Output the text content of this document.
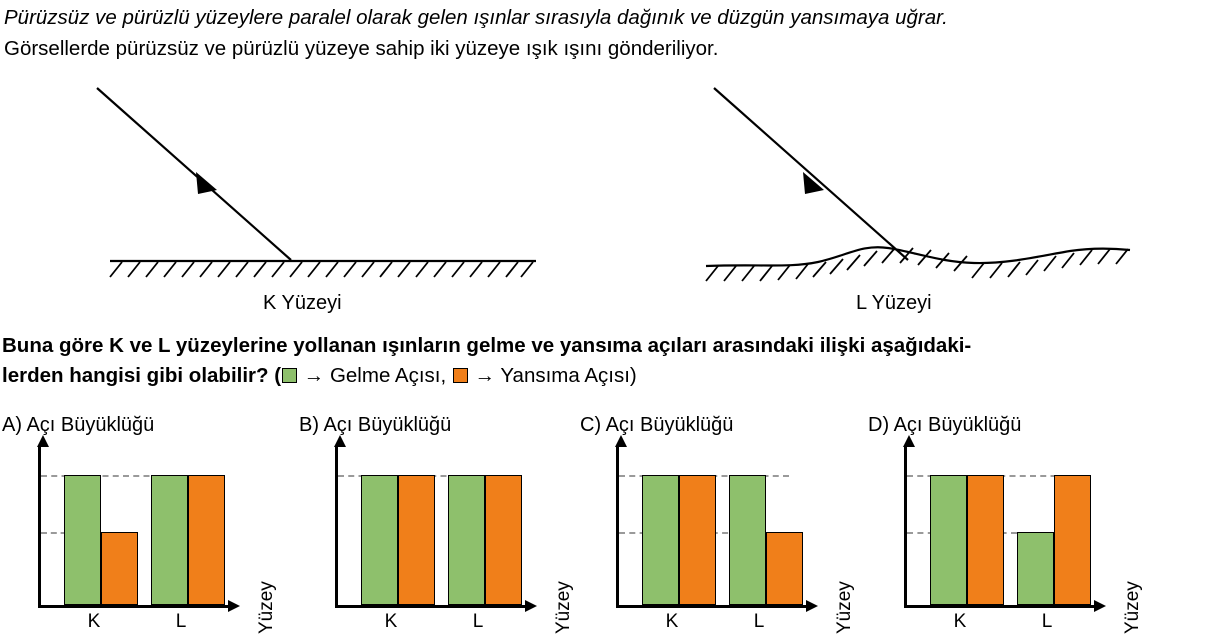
Pürüzsüz ve pürüzlü yüzeylere paralel olarak gelen ışınlar sırasıyla dağınık ve düzgün yansımaya uğrar.
Görsellerde pürüzsüz ve pürüzlü yüzeye sahip iki yüzeye ışık ışını gönderiliyor.
K Yüzeyi	L Yüzeyi
Buna göre K ve L yüzeylerine yollanan ışınların gelme ve yansıma açıları arasındaki ilişki aşağıdaki-
lerden hangisi gibi olabilir? ( → Gelme Açısı, → Yansıma Açısı)
A) Açı Büyüklüğü
K	L	Yüzey
B) Açı Büyüklüğü
K	L	Yüzey
C) Açı Büyüklüğü
K	L	Yüzey
D) Açı Büyüklüğü
K	L	Yüzey
